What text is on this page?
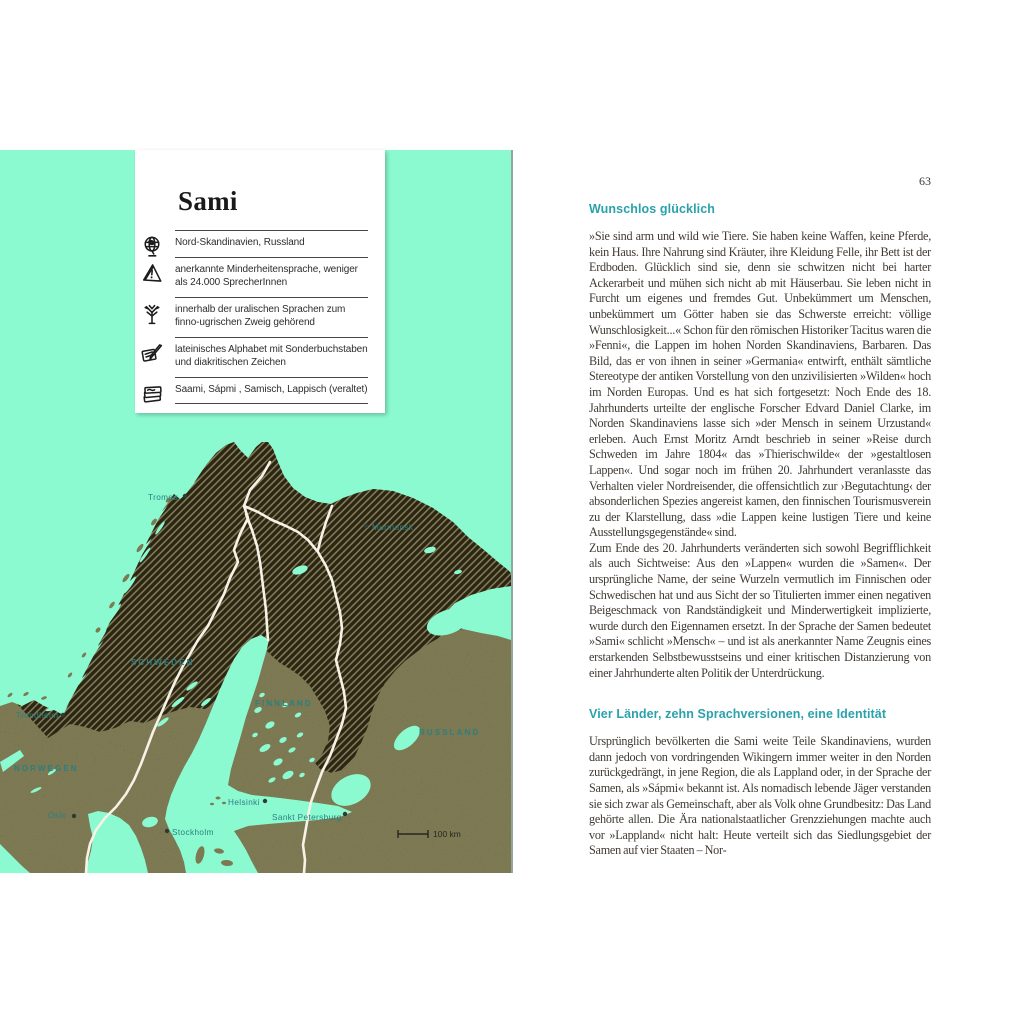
Tromsø
Murmansk
Trondheim
Oslo
Stockholm
Helsinki
Sankt Petersburg
NORWEGEN
SCHWEDEN
FINNLAND
RUSSLAND
100 km
Sami

Nord-Skandinavien, Russland

anerkannte Minderheitensprache, weniger als 24.000 SprecherInnen

innerhalb der uralischen Sprachen zum finno-ugrischen Zweig gehörend

lateinisches Alphabet mit Sonderbuchstaben und diakritischen Zeichen

Saami, Sápmi , Samisch, Lappisch (veraltet)

63
Wunschlos glücklich

»Sie sind arm und wild wie Tiere. Sie haben keine Waffen, keine Pferde, kein Haus. Ihre Nahrung sind Kräuter, ihre Kleidung Felle, ihr Bett ist der Erdboden. Glücklich sind sie, denn sie schwitzen nicht bei harter Ackerarbeit und mühen sich nicht ab mit Häuserbau. Sie leben nicht in Furcht um eigenes und fremdes Gut. Unbekümmert um Menschen, unbekümmert um Götter haben sie das Schwerste erreicht: völlige Wunschlosigkeit...« Schon für den römischen Historiker Tacitus waren die »Fenni«, die Lappen im hohen Norden Skandinaviens, Barbaren. Das Bild, das er von ihnen in seiner »Germania« entwirft, enthält sämtliche Stereotype der antiken Vorstellung von den unzivilisierten »Wilden« hoch im Norden Europas. Und es hat sich fortgesetzt: Noch Ende des 18. Jahrhunderts urteilte der englische Forscher Edvard Daniel Clarke, im Norden Skandinaviens lasse sich »der Mensch in seinem Urzustand« erleben. Auch Ernst Moritz Arndt beschrieb in seiner »Reise durch Schweden im Jahre 1804« das »Thierischwilde« der »gestaltlosen Lappen«. Und sogar noch im frühen 20. Jahrhundert veranlasste das Verhalten vieler Nordreisender, die offensichtlich zur ›Begutachtung‹ der absonderlichen Spezies angereist kamen, den finnischen Tourismusverein zu der Klarstellung, dass »die Lappen keine lustigen Tiere und keine Ausstellungsgegenstände« sind.

Zum Ende des 20. Jahrhunderts veränderten sich sowohl Begrifflichkeit als auch Sichtweise: Aus den »Lappen« wurden die »Samen«. Der ursprüngliche Name, der seine Wurzeln vermutlich im Finnischen oder Schwedischen hat und aus Sicht der so Titulierten immer einen negativen Beigeschmack von Randständigkeit und Minderwertigkeit implizierte, wurde durch den Eigennamen ersetzt. In der Sprache der Samen bedeutet »Sami« schlicht »Mensch« – und ist als anerkannter Name Zeugnis eines erstarkenden Selbstbewusstseins und einer kritischen Distanzierung von einer Jahrhunderte alten Politik der Unterdrückung.

Vier Länder, zehn Sprachversionen, eine Identität

Ursprünglich bevölkerten die Sami weite Teile Skandinaviens, wurden dann jedoch von vordringenden Wikingern immer weiter in den Norden zurückgedrängt, in jene Region, die als Lappland oder, in der Sprache der Samen, als »Sápmi« bekannt ist. Als nomadisch lebende Jäger verstanden sie sich zwar als Gemeinschaft, aber als Volk ohne Grundbesitz: Das Land gehörte allen. Die Ära nationalstaatlicher Grenzziehungen machte auch vor »Lappland« nicht halt: Heute verteilt sich das Siedlungsgebiet der Samen auf vier Staaten – Nor-
